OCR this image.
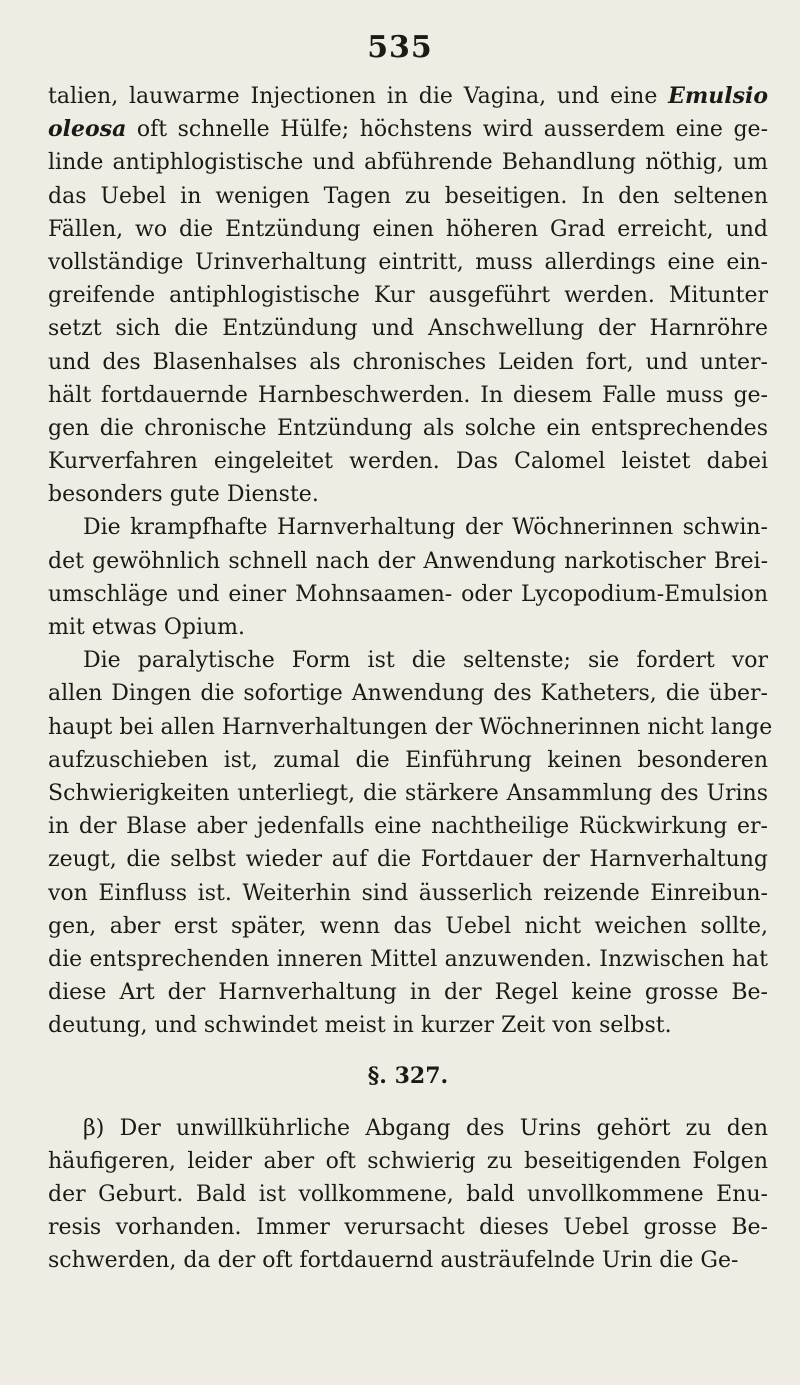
535
talien, lauwarme Injectionen in die Vagina, und eine Emulsio
oleosa oft schnelle Hülfe; höchstens wird ausserdem eine ge-
linde antiphlogistische und abführende Behandlung nöthig, um
das Uebel in wenigen Tagen zu beseitigen. In den seltenen
Fällen, wo die Entzündung einen höheren Grad erreicht, und
vollständige Urinverhaltung eintritt, muss allerdings eine ein-
greifende antiphlogistische Kur ausgeführt werden. Mitunter
setzt sich die Entzündung und Anschwellung der Harnröhre
und des Blasenhalses als chronisches Leiden fort, und unter-
hält fortdauernde Harnbeschwerden. In diesem Falle muss ge-
gen die chronische Entzündung als solche ein entsprechendes
Kurverfahren eingeleitet werden. Das Calomel leistet dabei
besonders gute Dienste.
Die krampfhafte Harnverhaltung der Wöchnerinnen schwin-
det gewöhnlich schnell nach der Anwendung narkotischer Brei-
umschläge und einer Mohnsaamen- oder Lycopodium-Emulsion
mit etwas Opium.
Die paralytische Form ist die seltenste; sie fordert vor
allen Dingen die sofortige Anwendung des Katheters, die über-
haupt bei allen Harnverhaltungen der Wöchnerinnen nicht lange
aufzuschieben ist, zumal die Einführung keinen besonderen
Schwierigkeiten unterliegt, die stärkere Ansammlung des Urins
in der Blase aber jedenfalls eine nachtheilige Rückwirkung er-
zeugt, die selbst wieder auf die Fortdauer der Harnverhaltung
von Einfluss ist. Weiterhin sind äusserlich reizende Einreibun-
gen, aber erst später, wenn das Uebel nicht weichen sollte,
die entsprechenden inneren Mittel anzuwenden. Inzwischen hat
diese Art der Harnverhaltung in der Regel keine grosse Be-
deutung, und schwindet meist in kurzer Zeit von selbst.
§. 327.
β) Der unwillkührliche Abgang des Urins gehört zu den
häufigeren, leider aber oft schwierig zu beseitigenden Folgen
der Geburt. Bald ist vollkommene, bald unvollkommene Enu-
resis vorhanden. Immer verursacht dieses Uebel grosse Be-
schwerden, da der oft fortdauernd austräufelnde Urin die Ge-
